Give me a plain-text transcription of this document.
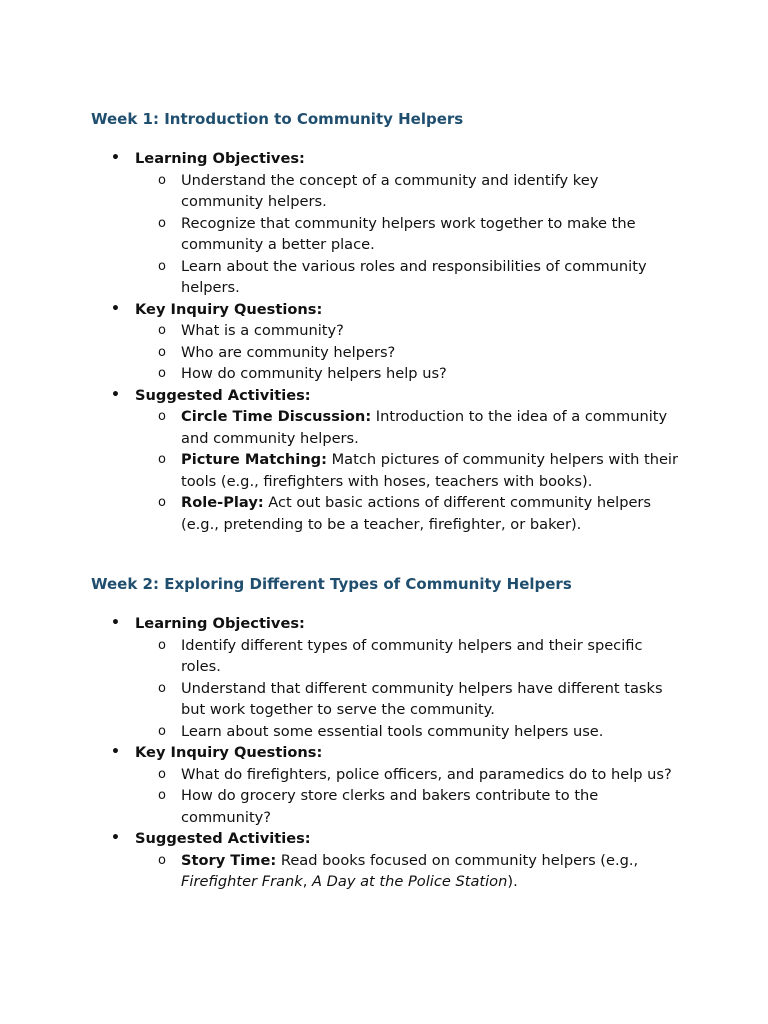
Week 1: Introduction to Community Helpers
• Learning Objectives:
o Understand the concept of a community and identify key community helpers.
o Recognize that community helpers work together to make the community a better place.
o Learn about the various roles and responsibilities of community helpers.
• Key Inquiry Questions:
o What is a community?
o Who are community helpers?
o How do community helpers help us?
• Suggested Activities:
o Circle Time Discussion: Introduction to the idea of a community and community helpers.
o Picture Matching: Match pictures of community helpers with their tools (e.g., firefighters with hoses, teachers with books).
o Role-Play: Act out basic actions of different community helpers (e.g., pretending to be a teacher, firefighter, or baker).
Week 2: Exploring Different Types of Community Helpers
• Learning Objectives:
o Identify different types of community helpers and their specific roles.
o Understand that different community helpers have different tasks but work together to serve the community.
o Learn about some essential tools community helpers use.
• Key Inquiry Questions:
o What do firefighters, police officers, and paramedics do to help us?
o How do grocery store clerks and bakers contribute to the community?
• Suggested Activities:
o Story Time: Read books focused on community helpers (e.g., Firefighter Frank, A Day at the Police Station).
